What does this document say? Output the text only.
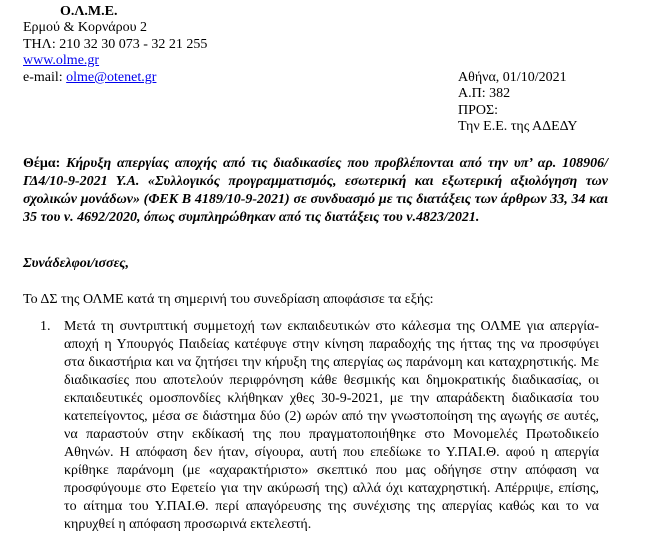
Ο.Λ.Μ.Ε.
Ερμού & Κορνάρου 2
ΤΗΛ: 210 32 30 073 - 32 21 255
www.olme.gr
e-mail: olme@otenet.gr	Αθήνα, 01/10/2021
Α.Π: 382
ΠΡΟΣ:
Την Ε.Ε. της ΑΔΕΔΥ
Θέμα: Κήρυξη απεργίας αποχής από τις διαδικασίες που προβλέπονται από την υπ’ αρ. 108906/ΓΔ4/10-9-2021 Υ.Α. «Συλλογικός προγραμματισμός, εσωτερική και εξωτερική αξιολόγηση των σχολικών μονάδων» (ΦΕΚ Β 4189/10-9-2021) σε συνδυασμό με τις διατάξεις των άρθρων 33, 34 και 35 του ν. 4692/2020, όπως συμπληρώθηκαν από τις διατάξεις του ν.4823/2021.
Συνάδελφοι/ισσες,
Το ΔΣ της ΟΛΜΕ κατά τη σημερινή του συνεδρίαση αποφάσισε τα εξής:
1. Μετά τη συντριπτική συμμετοχή των εκπαιδευτικών στο κάλεσμα της ΟΛΜΕ για απεργία-αποχή η Υπουργός Παιδείας κατέφυγε στην κίνηση παραδοχής της ήττας της να προσφύγει στα δικαστήρια και να ζητήσει την κήρυξη της απεργίας ως παράνομη και καταχρηστικής. Με διαδικασίες που αποτελούν περιφρόνηση κάθε θεσμικής και δημοκρατικής διαδικασίας, οι εκπαιδευτικές ομοσπονδίες κλήθηκαν χθες 30-9-2021, με την απαράδεκτη διαδικασία του κατεπείγοντος, μέσα σε διάστημα δύο (2) ωρών από την γνωστοποίηση της αγωγής σε αυτές, να παραστούν στην εκδίκασή της που πραγματοποιήθηκε στο Μονομελές Πρωτοδικείο Αθηνών. Η απόφαση δεν ήταν, σίγουρα, αυτή που επεδίωκε το Υ.ΠΑΙ.Θ. αφού η απεργία κρίθηκε παράνομη (με «αχαρακτήριστο» σκεπτικό που μας οδήγησε στην απόφαση να προσφύγουμε στο Εφετείο για την ακύρωσή της) αλλά όχι καταχρηστική. Απέρριψε, επίσης, το αίτημα του Υ.ΠΑΙ.Θ. περί απαγόρευσης της συνέχισης της απεργίας καθώς και το να κηρυχθεί η απόφαση προσωρινά εκτελεστή.
